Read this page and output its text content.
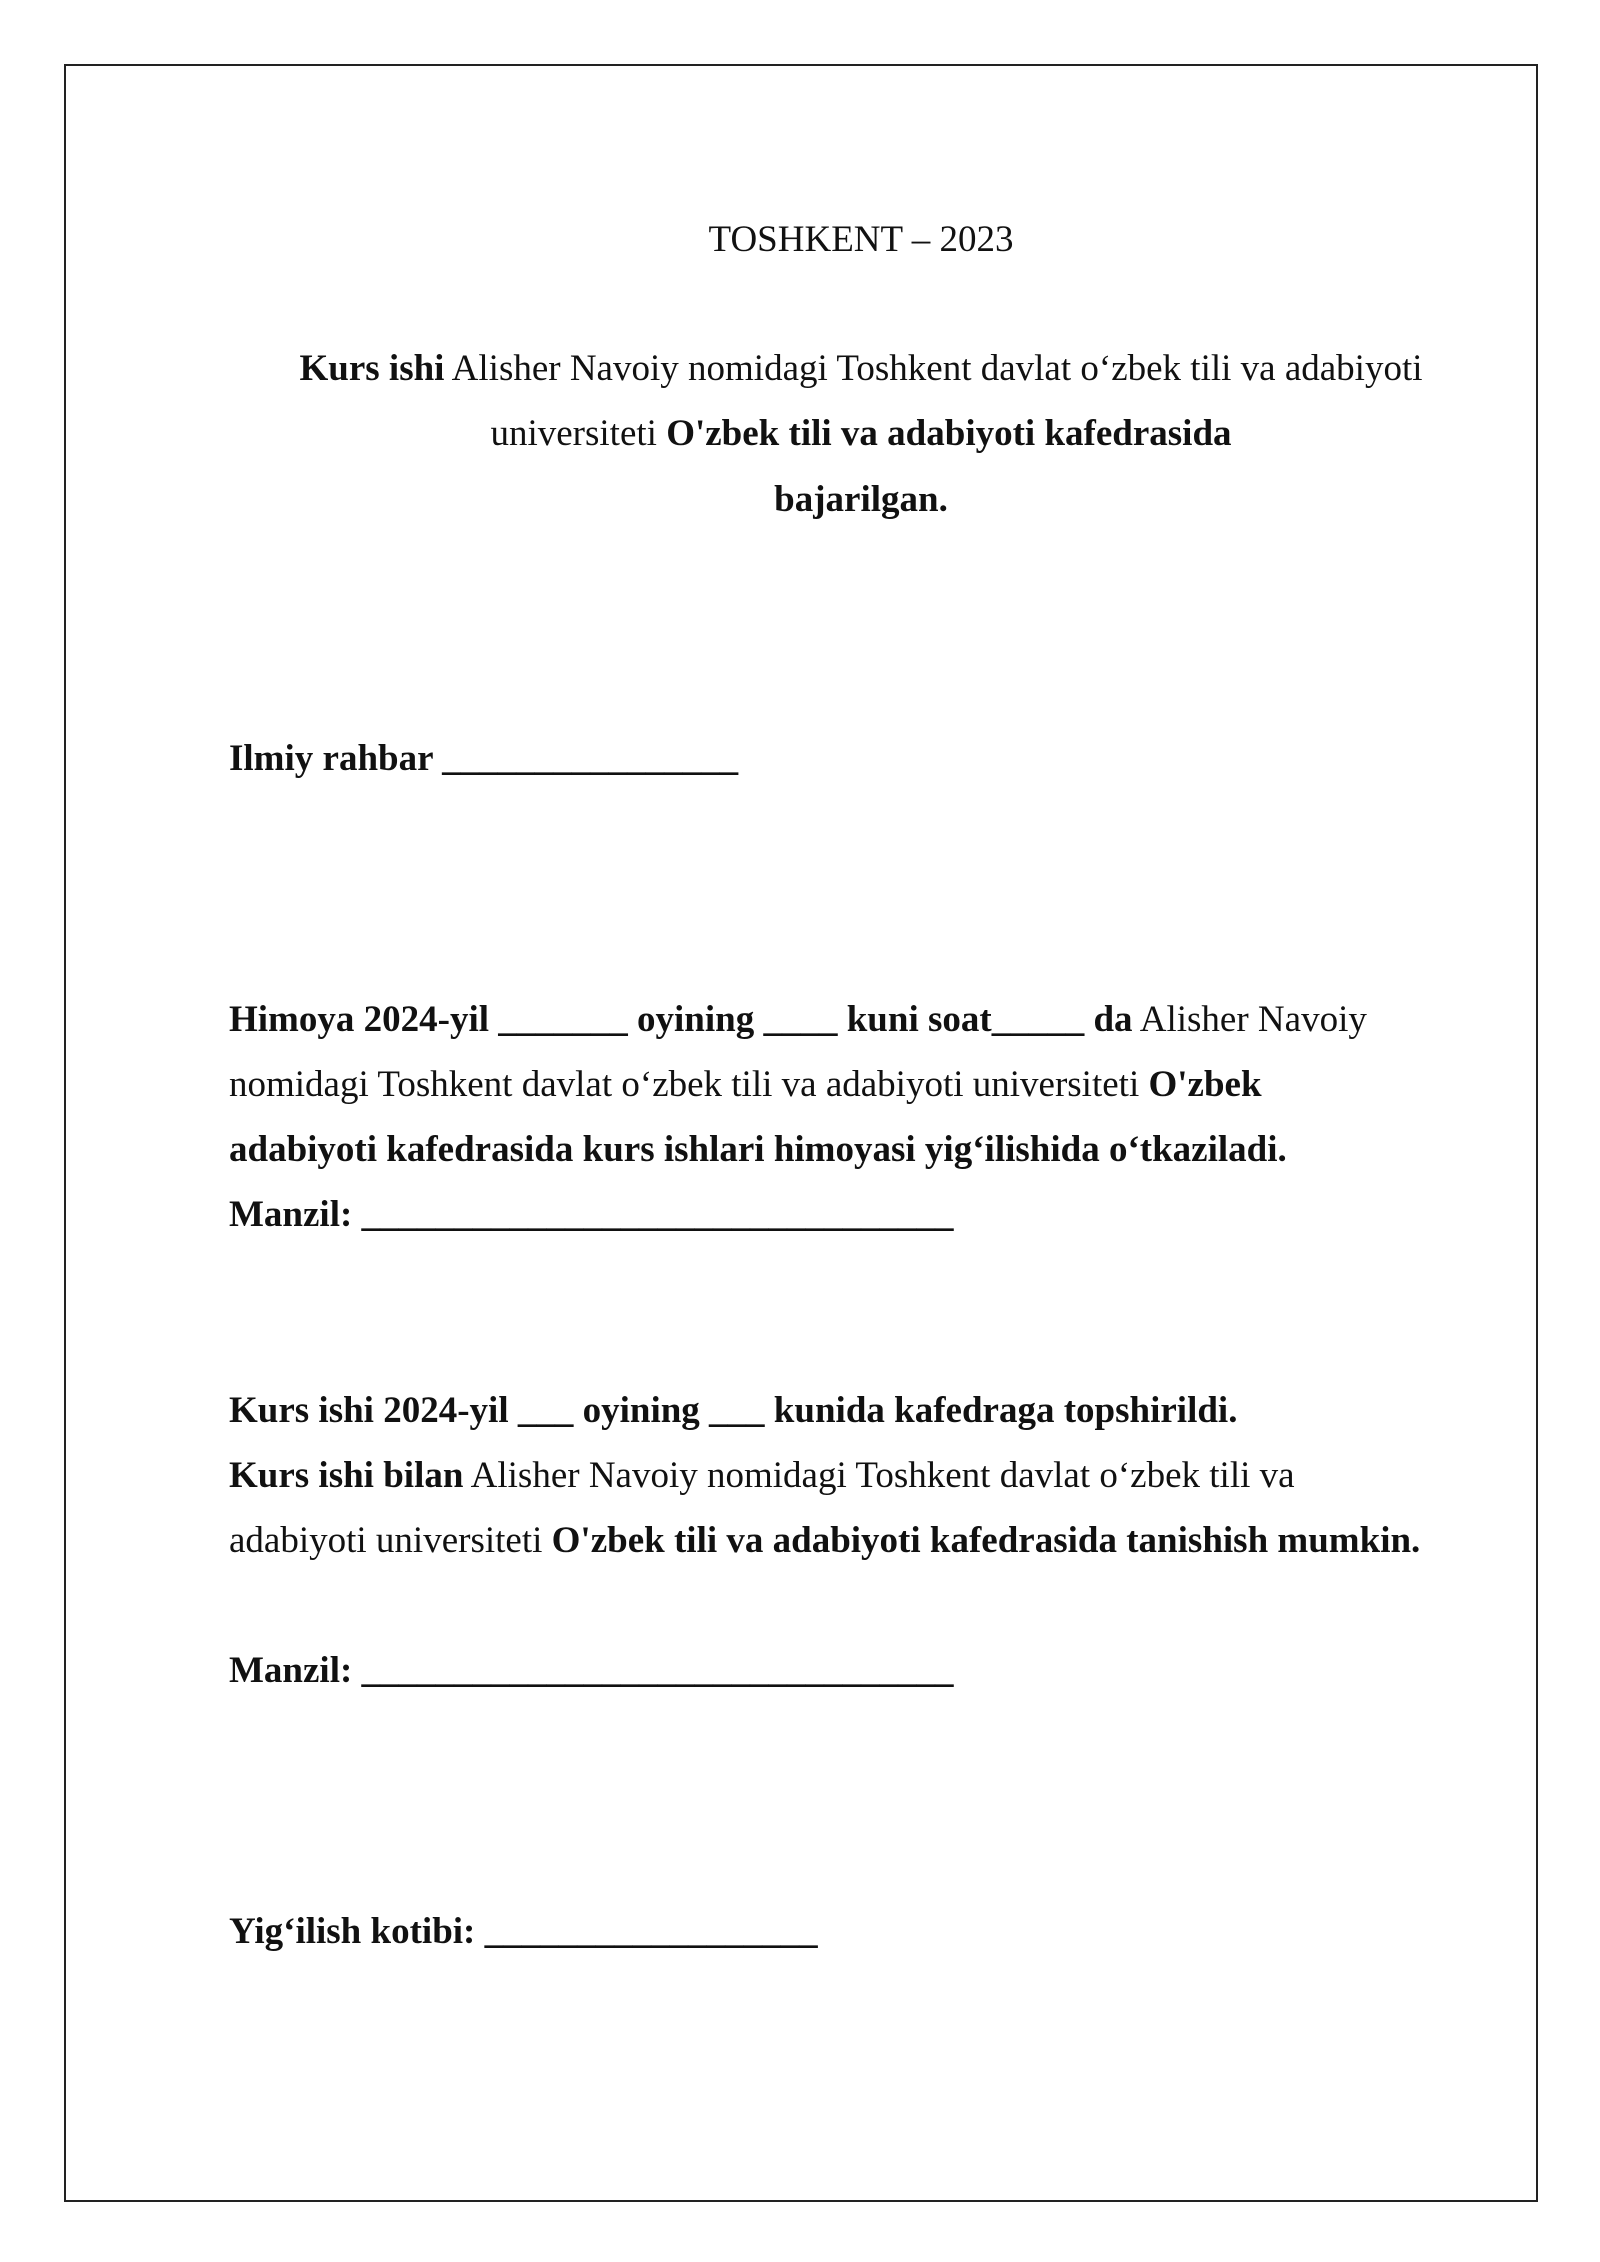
TOSHKENT – 2023
Kurs ishi Alisher Navoiy nomidagi Toshkent davlat o‘zbek tili va adabiyoti
universiteti O'zbek tili va adabiyoti kafedrasida
bajarilgan.
Ilmiy rahbar ________________
Himoya 2024-yil _______ oyining ____ kuni soat_____ da Alisher Navoiy
nomidagi Toshkent davlat o‘zbek tili va adabiyoti universiteti O'zbek
adabiyoti kafedrasida kurs ishlari himoyasi yig‘ilishida o‘tkaziladi.
Manzil: ________________________________
Kurs ishi 2024-yil ___ oyining ___ kunida kafedraga topshirildi.
Kurs ishi bilan Alisher Navoiy nomidagi Toshkent davlat o‘zbek tili va
adabiyoti universiteti O'zbek tili va adabiyoti kafedrasida tanishish mumkin.
Manzil: ________________________________
Yig‘ilish kotibi: __________________
